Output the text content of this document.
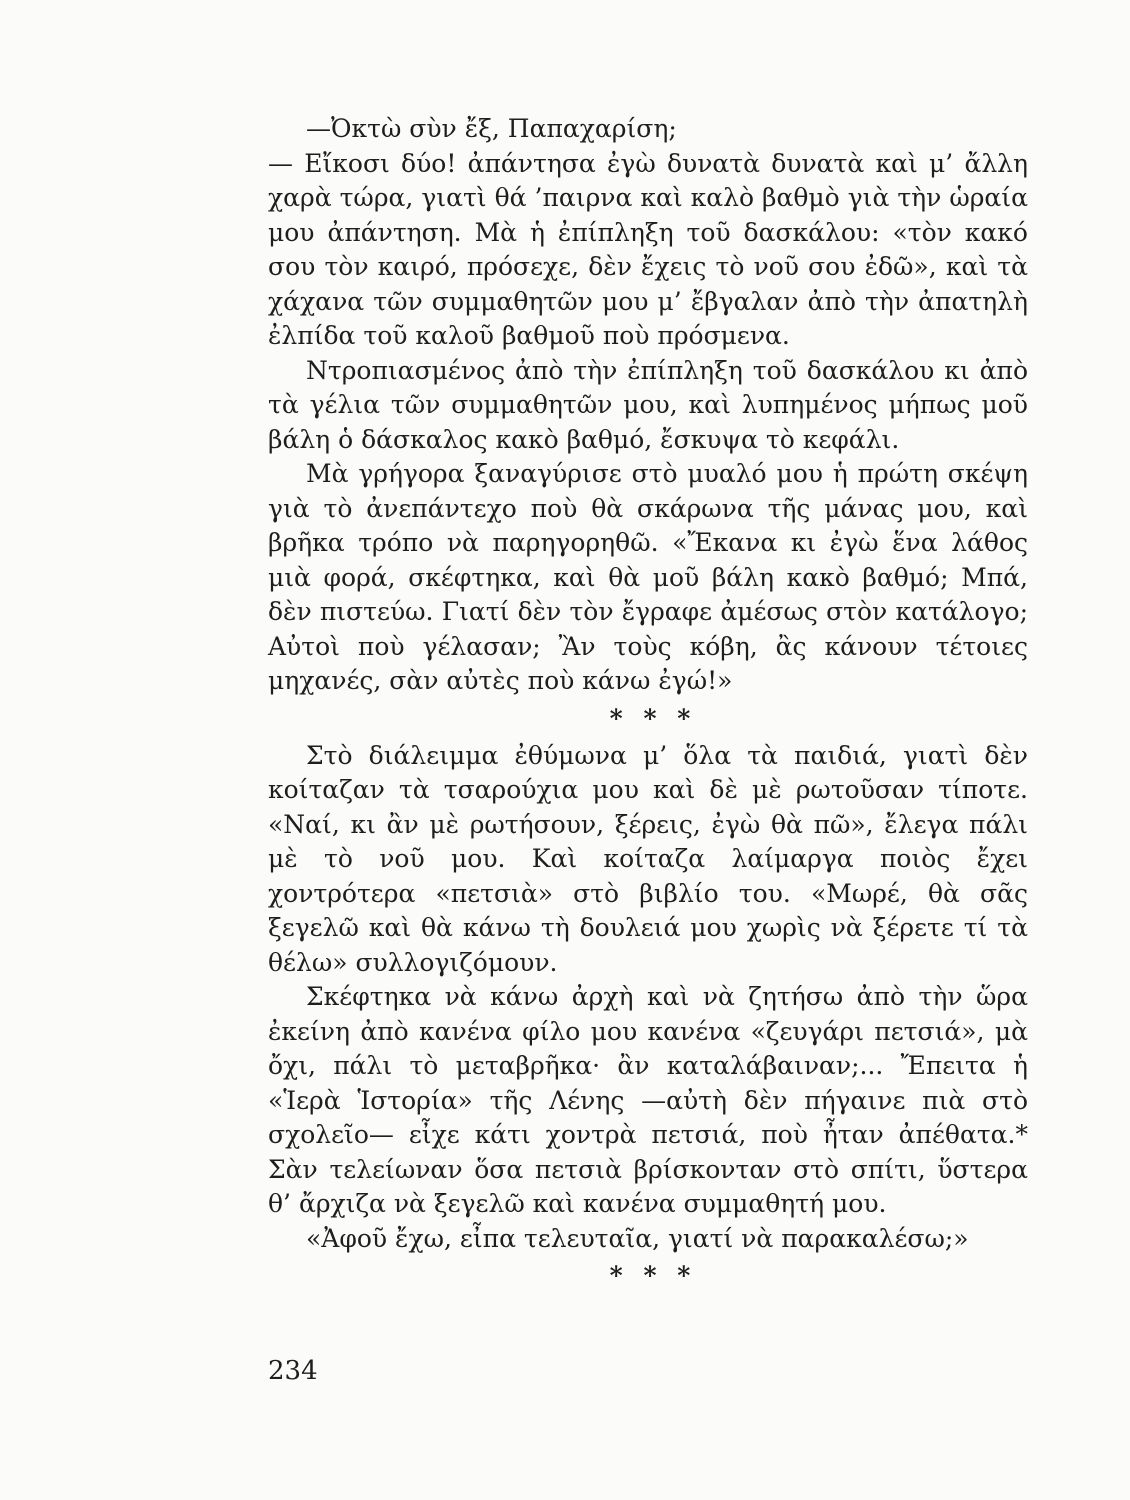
—Ὀκτὼ σὺν ἔξ, Παπαχαρίση;

— Εἴκοσι δύο! ἀπάντησα ἐγὼ δυνατὰ δυνατὰ καὶ μ’ ἄλλη χαρὰ τώρα, γιατὶ θά ’παιρνα καὶ καλὸ βαθμὸ γιὰ τὴν ὡραία μου ἀπάντηση. Μὰ ἡ ἐπίπληξη τοῦ δασκάλου: «τὸν κακό σου τὸν καιρό, πρόσεχε, δὲν ἔχεις τὸ νοῦ σου ἐδῶ», καὶ τὰ χάχανα τῶν συμμαθητῶν μου μ’ ἔβγαλαν ἀπὸ τὴν ἀπατηλὴ ἐλπίδα τοῦ καλοῦ βαθμοῦ ποὺ πρόσμενα.

Ντροπιασμένος ἀπὸ τὴν ἐπίπληξη τοῦ δασκάλου κι ἀπὸ τὰ γέλια τῶν συμμαθητῶν μου, καὶ λυπημένος μήπως μοῦ βάλη ὁ δάσκαλος κακὸ βαθμό, ἔσκυψα τὸ κεφάλι.

Μὰ γρήγορα ξαναγύρισε στὸ μυαλό μου ἡ πρώτη σκέψη γιὰ τὸ ἀνεπάντεχο ποὺ θὰ σκάρωνα τῆς μάνας μου, καὶ βρῆκα τρόπο νὰ παρηγορηθῶ. «Ἔκανα κι ἐγὼ ἕνα λάθος μιὰ φορά, σκέφτηκα, καὶ θὰ μοῦ βάλη κακὸ βαθμό; Μπά, δὲν πιστεύω. Γιατί δὲν τὸν ἔγραφε ἀμέσως στὸν κατάλογο; Αὐτοὶ ποὺ γέλασαν; Ἂν τοὺς κόβη, ἂς κάνουν τέτοιες μηχανές, σὰν αὐτὲς ποὺ κάνω ἐγώ!»

* * *

Στὸ διάλειμμα ἐθύμωνα μ’ ὅλα τὰ παιδιά, γιατὶ δὲν κοίταζαν τὰ τσαρούχια μου καὶ δὲ μὲ ρωτοῦσαν τίποτε. «Ναί, κι ἂν μὲ ρωτήσουν, ξέρεις, ἐγὼ θὰ πῶ», ἔλεγα πάλι μὲ τὸ νοῦ μου. Καὶ κοίταζα λαίμαργα ποιὸς ἔχει χοντρότερα «πετσιὰ» στὸ βιβλίο του. «Μωρέ, θὰ σᾶς ξεγελῶ καὶ θὰ κάνω τὴ δουλειά μου χωρὶς νὰ ξέρετε τί τὰ θέλω» συλλογιζόμουν.

Σκέφτηκα νὰ κάνω ἀρχὴ καὶ νὰ ζητήσω ἀπὸ τὴν ὥρα ἐκείνη ἀπὸ κανένα φίλο μου κανένα «ζευγάρι πετσιά», μὰ ὄχι, πάλι τὸ μεταβρῆκα· ἂν καταλάβαιναν;... Ἔπειτα ἡ «Ἱερὰ Ἱστορία» τῆς Λένης —αὐτὴ δὲν πήγαινε πιὰ στὸ σχολεῖο— εἶχε κάτι χοντρὰ πετσιά, ποὺ ἦταν ἀπέθατα.* Σὰν τελείωναν ὅσα πετσιὰ βρίσκονταν στὸ σπίτι, ὕστερα θ’ ἄρχιζα νὰ ξεγελῶ καὶ κανένα συμμαθητή μου.

«Ἀφοῦ ἔχω, εἶπα τελευταῖα, γιατί νὰ παρακαλέσω;»

* * *

234
